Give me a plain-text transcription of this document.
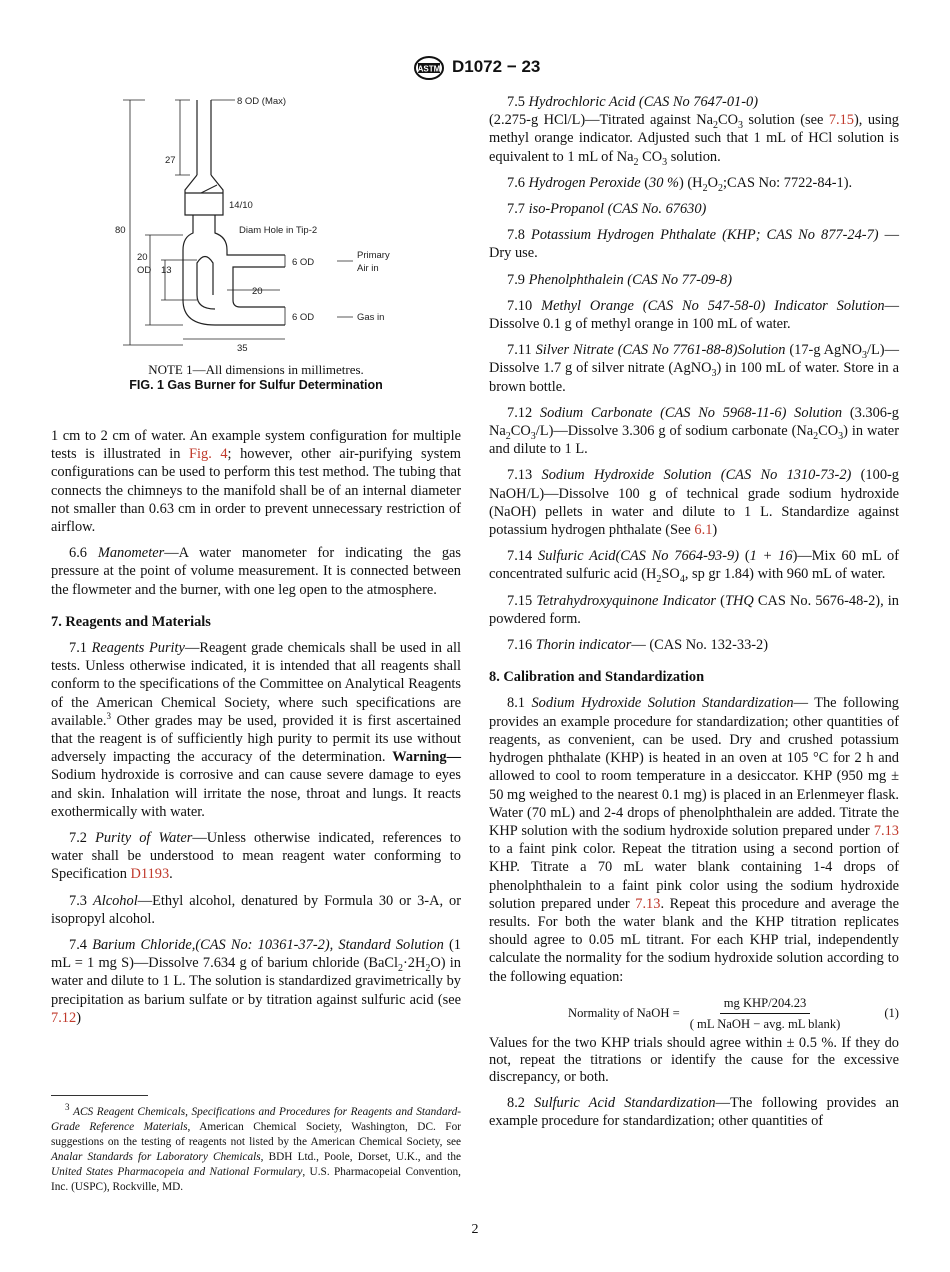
ASTM D1072 − 23
8 OD (Max)
27
14/10
Diam Hole in Tip-2
80
20
OD 13
6 OD
Primary
Air in
20
6 OD	Gas in
35
NOTE 1—All dimensions in millimetres.
FIG. 1 Gas Burner for Sulfur Determination

1 cm to 2 cm of water. An example system configuration for multiple tests is illustrated in Fig. 4; however, other air-purifying system configurations can be used to perform this test method. The tubing that connects the chimneys to the manifold shall be of an internal diameter not smaller than 0.63 cm in order to prevent unnecessary restriction of airflow.

6.6 Manometer—A water manometer for indicating the gas pressure at the point of volume measurement. It is connected between the flowmeter and the burner, with one leg open to the atmosphere.

7. Reagents and Materials

7.1 Reagents Purity—Reagent grade chemicals shall be used in all tests. Unless otherwise indicated, it is intended that all reagents shall conform to the specifications of the Committee on Analytical Reagents of the American Chemical Society, where such specifications are available.$^3$ Other grades may be used, provided it is first ascertained that the reagent is of sufficiently high purity to permit its use without adversely impacting the accuracy of the determination. Warning—Sodium hydroxide is corrosive and can cause severe damage to eyes and skin. Inhalation will irritate the nose, throat and lungs. It reacts exothermically with water.

7.2 Purity of Water—Unless otherwise indicated, references to water shall be understood to mean reagent water conforming to Specification D1193.

7.3 Alcohol—Ethyl alcohol, denatured by Formula 30 or 3-A, or isopropyl alcohol.

7.4 Barium Chloride,(CAS No: 10361-37-2), Standard Solution (1 mL = 1 mg S)—Dissolve 7.634 g of barium chloride $(BaCl_2\cdot 2H_2O)$ in water and dilute to 1 L. The solution is standardized gravimetrically by precipitation as barium sulfate or by titration against sulfuric acid (see 7.12)

$^3$ ACS Reagent Chemicals, Specifications and Procedures for Reagents and Standard-Grade Reference Materials, American Chemical Society, Washington, DC. For suggestions on the testing of reagents not listed by the American Chemical Society, see Analar Standards for Laboratory Chemicals, BDH Ltd., Poole, Dorset, U.K., and the United States Pharmacopeia and National Formulary, U.S. Pharmacopeial Convention, Inc. (USPC), Rockville, MD.

7.5 Hydrochloric Acid (CAS No 7647-01-0)
(2.275-g HCl/L)—Titrated against $Na_2CO_3$ solution (see 7.15), using methyl orange indicator. Adjusted such that 1 mL of HCl solution is equivalent to 1 mL of $Na_2$ $CO_3$ solution.

7.6 Hydrogen Peroxide (30 %) ($H_2O_2;CAS$ No: 7722-84-1).

7.7 iso-Propanol (CAS No. 67630)

7.8 Potassium Hydrogen Phthalate (KHP; CAS No 877-24-7) —Dry use.

7.9 Phenolphthalein (CAS No 77-09-8)

7.10 Methyl Orange (CAS No 547-58-0) Indicator Solution—Dissolve 0.1 g of methyl orange in 100 mL of water.

7.11 Silver Nitrate (CAS No 7761-88-8)Solution (17-g AgNO$_3$/L)—Dissolve 1.7 g of silver nitrate (AgNO$_3$) in 100 mL of water. Store in a brown bottle.

7.12 Sodium Carbonate (CAS No 5968-11-6) Solution (3.306-g $Na_2CO_3/L)—Dissolve$ 3.306 g of sodium carbonate $(Na_2CO_3)$ in water and dilute to 1 L.

7.13 Sodium Hydroxide Solution (CAS No 1310-73-2) (100-g NaOH/L)—Dissolve 100 g of technical grade sodium hydroxide (NaOH) pellets in water and dilute to 1 L. Standardize against potassium hydrogen phthalate (See 6.1)

7.14 Sulfuric Acid(CAS No 7664-93-9) (1 + 16)—Mix 60 mL of concentrated sulfuric acid ($H_2SO_4$, sp gr 1.84) with 960 mL of water.

7.15 Tetrahydroxyquinone Indicator (THQ CAS No. 5676-48-2), in powdered form.

7.16 Thorin indicator— (CAS No. 132-33-2)

8. Calibration and Standardization

8.1 Sodium Hydroxide Solution Standardization— The following provides an example procedure for standardization; other quantities of reagents, as convenient, can be used. Dry and crushed potassium hydrogen phthalate (KHP) is heated in an oven at 105 °C for 2 h and allowed to cool to room temperature in a desiccator. KHP (950 mg ± 50 mg weighed to the nearest 0.1 mg) is placed in an Erlenmeyer flask. Water (70 mL) and 2-4 drops of phenolphthalein are added. Titrate the KHP solution with the sodium hydroxide solution prepared under 7.13 to a faint pink color. Repeat the titration using a second portion of KHP. Titrate a 70 mL water blank containing 1-4 drops of phenolphthalein to a faint pink color using the sodium hydroxide solution prepared under 7.13. Repeat this procedure and average the results. For both the water blank and the KHP titration replicates should agree to 0.05 mL titrant. For each KHP trial, independently calculate the normality for the sodium hydroxide solution according to the following equation:

Normality of NaOH = $\frac{\text{mg KHP/204.23}}{\text{( mL NaOH − avg. mL blank)}}$	(1)

Values for the two KHP trials should agree within ± 0.5 %. If they do not, repeat the titrations or identify the cause for the excessive discrepancy, or both.

8.2 Sulfuric Acid Standardization—The following provides an example procedure for standardization; other quantities of

2
